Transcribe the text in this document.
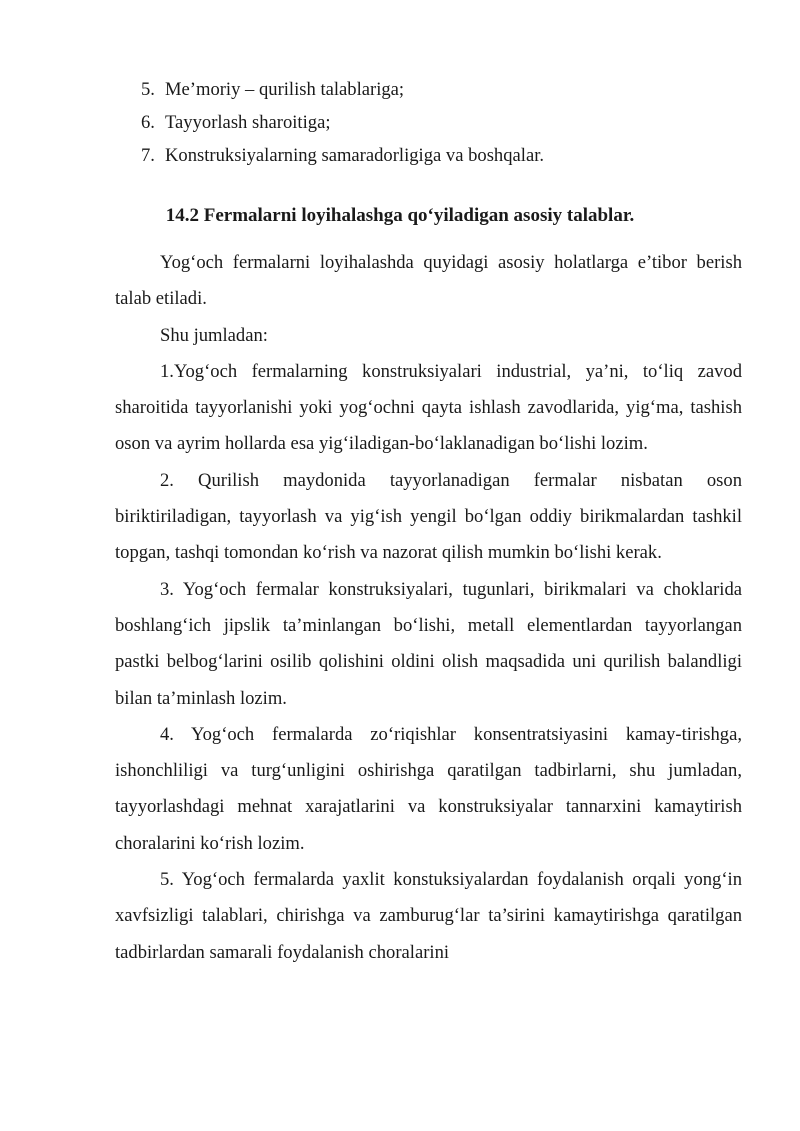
5. Me’moriy – qurilish talablariga;
6. Tayyorlash sharoitiga;
7. Konstruksiyalarning samaradorligiga va boshqalar.
14.2 Fermalarni loyihalashga qo‘yiladigan asosiy talablar.

Yog‘och fermalarni loyihalashda quyidagi asosiy holatlarga e’tibor berish talab etiladi.

Shu jumladan:

1.Yog‘och fermalarning konstruksiyalari industrial, ya’ni, to‘liq zavod sharoitida tayyorlanishi yoki yog‘ochni qayta ishlash zavodlarida, yig‘ma, tashish oson va ayrim hollarda esa yig‘iladigan-bo‘laklanadigan bo‘lishi lozim.

2. Qurilish maydonida tayyorlanadigan fermalar nisbatan oson biriktiriladigan, tayyorlash va yig‘ish yengil bo‘lgan oddiy birikmalardan tashkil topgan, tashqi tomondan ko‘rish va nazorat qilish mumkin bo‘lishi kerak.

3. Yog‘och fermalar konstruksiyalari, tugunlari, birikmalari va choklarida boshlang‘ich jipslik ta’minlangan bo‘lishi, metall elementlardan tayyorlangan pastki belbog‘larini osilib qolishini oldini olish maqsadida uni qurilish balandligi bilan ta’minlash lozim.

4. Yog‘och fermalarda zo‘riqishlar konsentratsiyasini kamay-tirishga, ishonchliligi va turg‘unligini oshirishga qaratilgan tadbirlarni, shu jumladan, tayyorlashdagi mehnat xarajatlarini va konstruksiyalar tannarxini kamaytirish choralarini ko‘rish lozim.

5. Yog‘och fermalarda yaxlit konstuksiyalardan foydalanish orqali yong‘in xavfsizligi talablari, chirishga va zamburug‘lar ta’sirini kamaytirishga qaratilgan tadbirlardan samarali foydalanish choralarini
